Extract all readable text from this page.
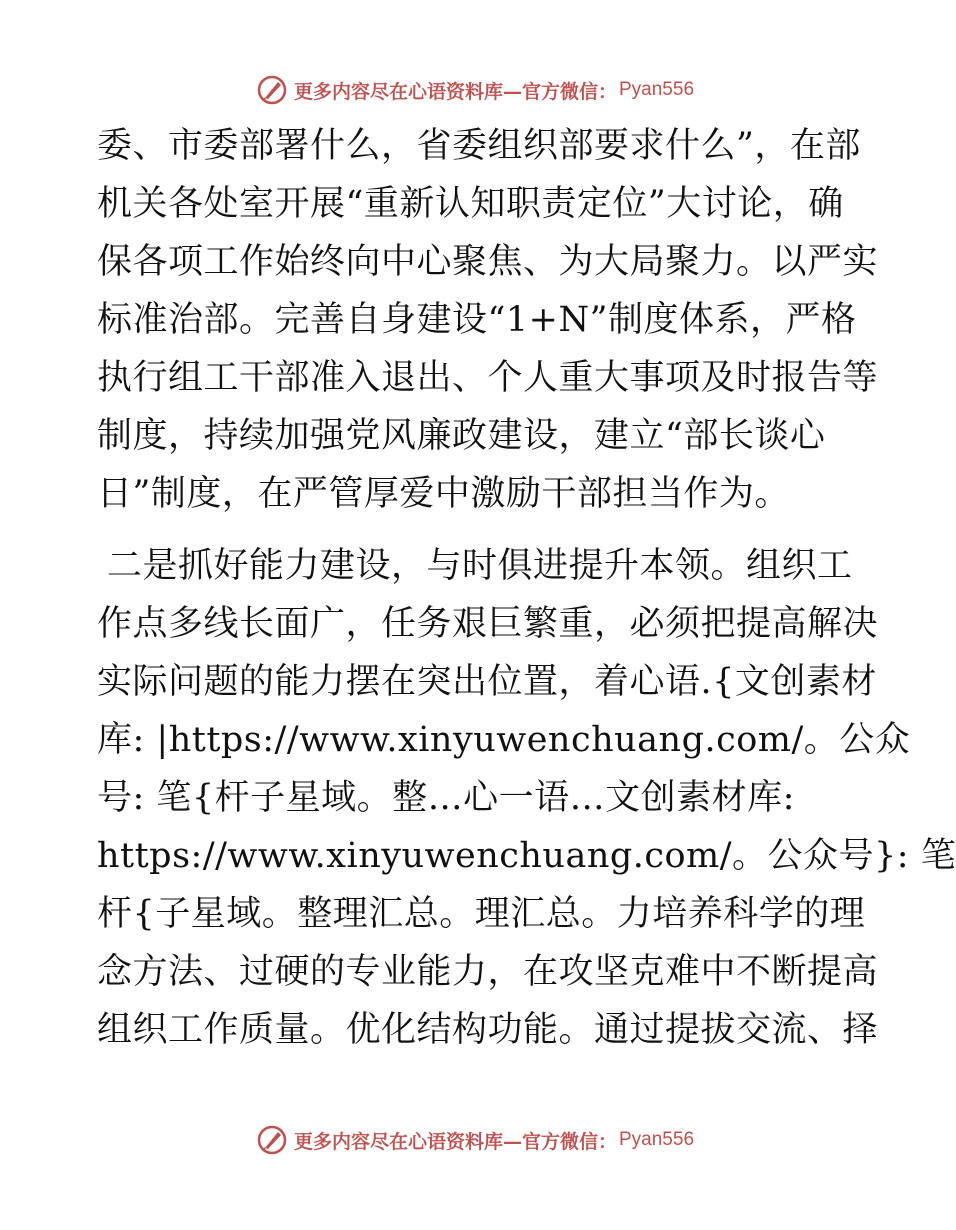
更多内容尽在心语资料库—官方微信： Pyan556
委、市委部署什么，省委组织部要求什么”，在部
机关各处室开展“重新认知职责定位”大讨论，确
保各项工作始终向中心聚焦、为大局聚力。以严实
标准治部。完善自身建设“1+N”制度体系，严格
执行组工干部准入退出、个人重大事项及时报告等
制度，持续加强党风廉政建设，建立“部长谈心
日”制度，在严管厚爱中激励干部担当作为。
二是抓好能力建设，与时俱进提升本领。组织工
作点多线长面广，任务艰巨繁重，必须把提高解决
实际问题的能力摆在突出位置，着心语.{文创素材
库: |https://www.xinyuwenchuang.com/。公众
号: 笔{杆子星域。整…心一语…文创素材库:
https://www.xinyuwenchuang.com/。公众号}: 笔
杆{子星域。整理汇总。理汇总。力培养科学的理
念方法、过硬的专业能力，在攻坚克难中不断提高
组织工作质量。优化结构功能。通过提拔交流、择
更多内容尽在心语资料库—官方微信： Pyan556
